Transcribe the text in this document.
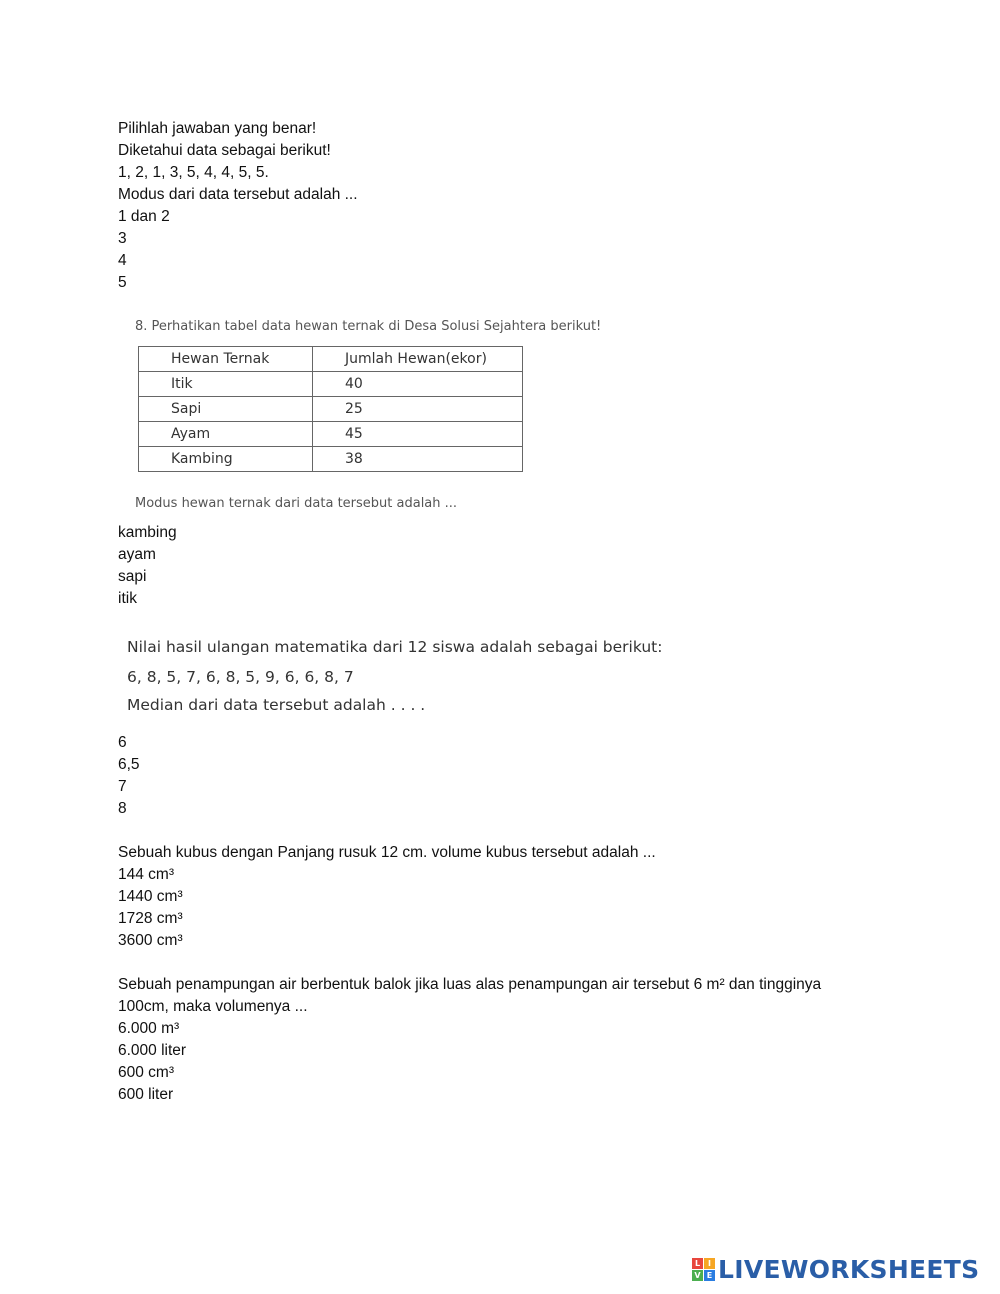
Pilihlah jawaban yang benar!
Diketahui data sebagai berikut!
1, 2, 1, 3, 5, 4, 4, 5, 5.
Modus dari data tersebut adalah ...
1 dan 2
3
4
5
8. Perhatikan tabel data hewan ternak di Desa Solusi Sejahtera berikut!
Hewan Ternak	Jumlah Hewan(ekor)
Itik	40
Sapi	25
Ayam	45
Kambing	38
Modus hewan ternak dari data tersebut adalah ...
kambing
ayam
sapi
itik
Nilai hasil ulangan matematika dari 12 siswa adalah sebagai berikut:
6, 8, 5, 7, 6, 8, 5, 9, 6, 6, 8, 7
Median dari data tersebut adalah . . . .
6
6,5
7
8
Sebuah kubus dengan Panjang rusuk 12 cm. volume kubus tersebut adalah ...
144 cm³
1440 cm³
1728 cm³
3600 cm³
Sebuah penampungan air berbentuk balok jika luas alas penampungan air tersebut 6 m² dan tingginya
100cm, maka volumenya ...
6.000 m³
6.000 liter
600 cm³
600 liter
L I
V E LIVEWORKSHEETS
